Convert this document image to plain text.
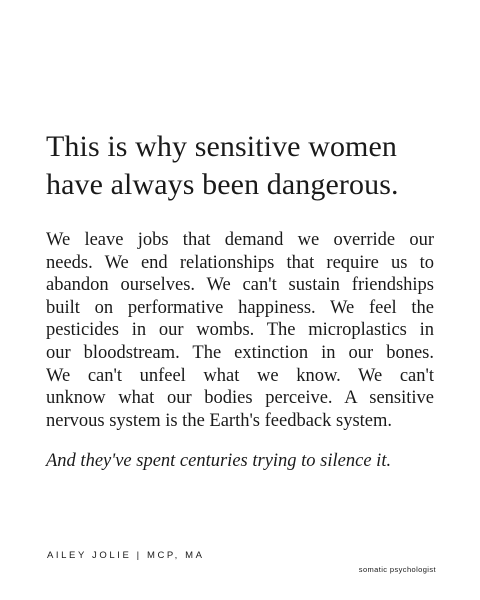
This is why sensitive women
have always been dangerous.
We leave jobs that demand we override our
needs. We end relationships that require us to
abandon ourselves. We can't sustain friendships
built on performative happiness. We feel the
pesticides in our wombs. The microplastics in
our bloodstream. The extinction in our bones.
We can't unfeel what we know. We can't
unknow what our bodies perceive. A sensitive
nervous system is the Earth's feedback system.

And they've spent centuries trying to silence it.

AILEY JOLIE | MCP, MA

somatic psychologist
